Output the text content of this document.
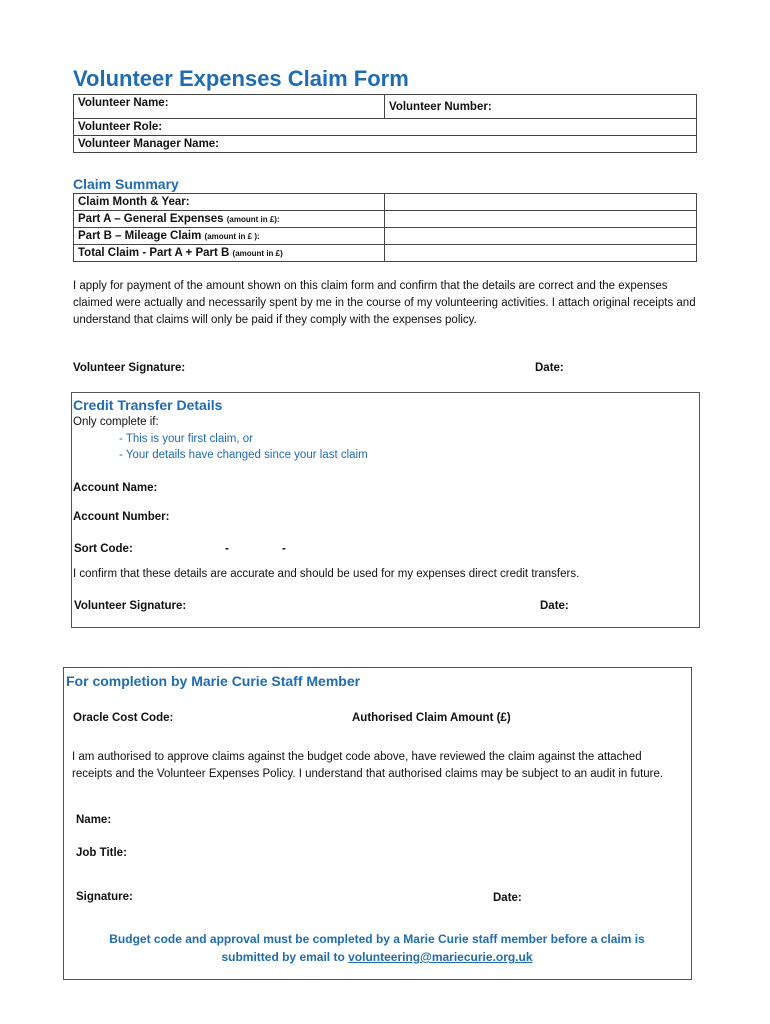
Volunteer Expenses Claim Form
Volunteer Name:	Volunteer Number:
Volunteer Role:
Volunteer Manager Name:
Claim Summary
Claim Month & Year:	
Part A – General Expenses (amount in £):	
Part B – Mileage Claim (amount in £ ):	
Total Claim - Part A + Part B (amount in £)	
I apply for payment of the amount shown on this claim form and confirm that the details are correct and the expenses claimed were actually and necessarily spent by me in the course of my volunteering activities. I attach original receipts and understand that claims will only be paid if they comply with the expenses policy.
Volunteer Signature:	Date:
Credit Transfer Details
Only complete if:
- This is your first claim, or
- Your details have changed since your last claim
Account Name:
Account Number:
Sort Code:	-	-
I confirm that these details are accurate and should be used for my expenses direct credit transfers.
Volunteer Signature:	Date:
For completion by Marie Curie Staff Member
Oracle Cost Code:	Authorised Claim Amount (£)
I am authorised to approve claims against the budget code above, have reviewed the claim against the attached receipts and the Volunteer Expenses Policy. I understand that authorised claims may be subject to an audit in future.
Name:
Job Title:
Signature:	Date:
Budget code and approval must be completed by a Marie Curie staff member before a claim is
submitted by email to volunteering@mariecurie.org.uk
